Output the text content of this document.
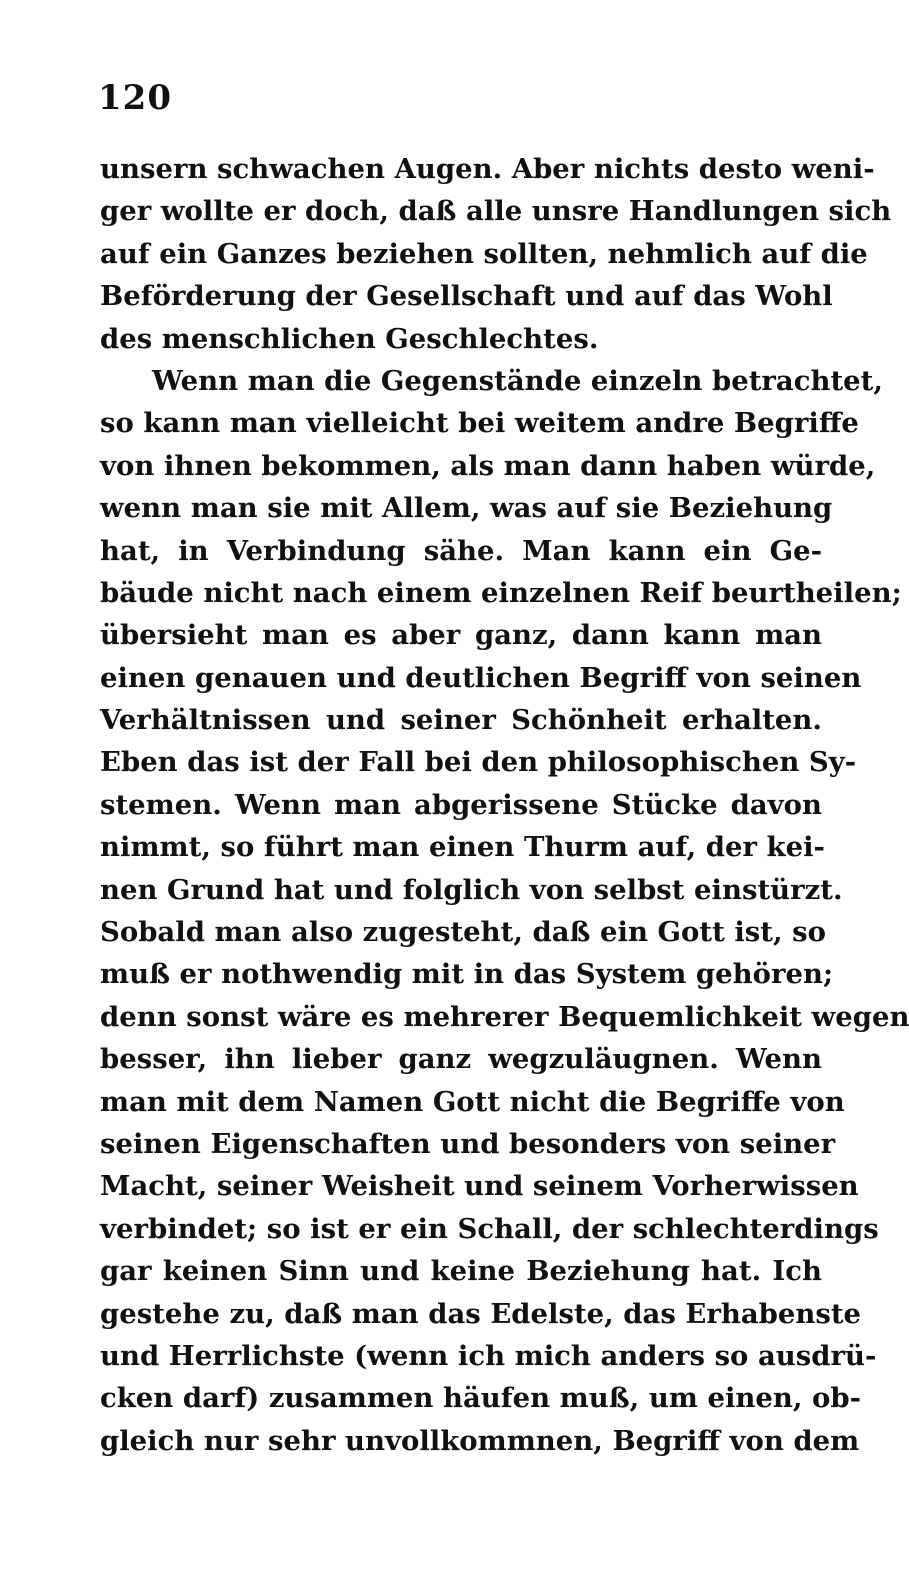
120
unsern schwachen Augen. Aber nichts desto weni-
ger wollte er doch, daß alle unsre Handlungen sich
auf ein Ganzes beziehen sollten, nehmlich auf die
Beförderung der Gesellschaft und auf das Wohl
des menschlichen Geschlechtes.
Wenn man die Gegenstände einzeln betrachtet,
so kann man vielleicht bei weitem andre Begriffe
von ihnen bekommen, als man dann haben würde,
wenn man sie mit Allem, was auf sie Beziehung
hat, in Verbindung sähe. Man kann ein Ge-
bäude nicht nach einem einzelnen Reif beurtheilen;
übersieht man es aber ganz, dann kann man
einen genauen und deutlichen Begriff von seinen
Verhältnissen und seiner Schönheit erhalten.
Eben das ist der Fall bei den philosophischen Sy-
stemen. Wenn man abgerissene Stücke davon
nimmt, so führt man einen Thurm auf, der kei-
nen Grund hat und folglich von selbst einstürzt.
Sobald man also zugesteht, daß ein Gott ist, so
muß er nothwendig mit in das System gehören;
denn sonst wäre es mehrerer Bequemlichkeit wegen
besser, ihn lieber ganz wegzuläugnen. Wenn
man mit dem Namen Gott nicht die Begriffe von
seinen Eigenschaften und besonders von seiner
Macht, seiner Weisheit und seinem Vorherwissen
verbindet; so ist er ein Schall, der schlechterdings
gar keinen Sinn und keine Beziehung hat. Ich
gestehe zu, daß man das Edelste, das Erhabenste
und Herrlichste (wenn ich mich anders so ausdrü-
cken darf) zusammen häufen muß, um einen, ob-
gleich nur sehr unvollkommnen, Begriff von dem
